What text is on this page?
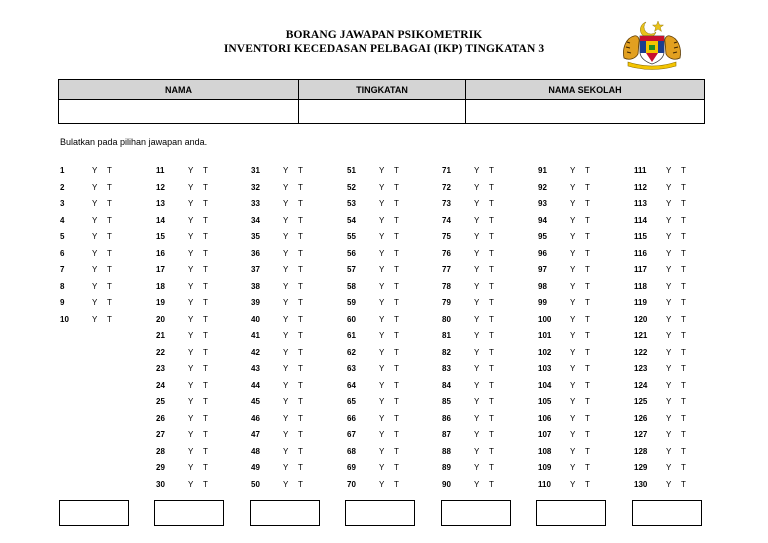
BORANG JAWAPAN PSIKOMETRIK
INVENTORI KECEDASAN PELBAGAI (IKP) TINGKATAN 3
NAMA	TINGKATAN	NAMA SEKOLAH

Bulatkan pada pilihan jawapan anda.
1	Y T
2	Y T
3	Y T
4	Y T
5	Y T
6	Y T
7	Y T
8	Y T
9	Y T
10	Y T
11	Y T
12	Y T
13	Y T
14	Y T
15	Y T
16	Y T
17	Y T
18	Y T
19	Y T
20	Y T
21	Y T
22	Y T
23	Y T
24	Y T
25	Y T
26	Y T
27	Y T
28	Y T
29	Y T
30	Y T
31	Y T
32	Y T
33	Y T
34	Y T
35	Y T
36	Y T
37	Y T
38	Y T
39	Y T
40	Y T
41	Y T
42	Y T
43	Y T
44	Y T
45	Y T
46	Y T
47	Y T
48	Y T
49	Y T
50	Y T
51	Y T
52	Y T
53	Y T
54	Y T
55	Y T
56	Y T
57	Y T
58	Y T
59	Y T
60	Y T
61	Y T
62	Y T
63	Y T
64	Y T
65	Y T
66	Y T
67	Y T
68	Y T
69	Y T
70	Y T
71	Y T
72	Y T
73	Y T
74	Y T
75	Y T
76	Y T
77	Y T
78	Y T
79	Y T
80	Y T
81	Y T
82	Y T
83	Y T
84	Y T
85	Y T
86	Y T
87	Y T
88	Y T
89	Y T
90	Y T
91	Y T
92	Y T
93	Y T
94	Y T
95	Y T
96	Y T
97	Y T
98	Y T
99	Y T
100 Y T
101 Y T
102 Y T
103 Y T
104 Y T
105 Y T
106 Y T
107 Y T
108 Y T
109 Y T
110 Y T
111 Y T
112 Y T
113 Y T
114 Y T
115 Y T
116 Y T
117 Y T
118 Y T
119 Y T
120 Y T
121 Y T
122 Y T
123 Y T
124 Y T
125 Y T
126 Y T
127 Y T
128 Y T
129 Y T
130 Y T
